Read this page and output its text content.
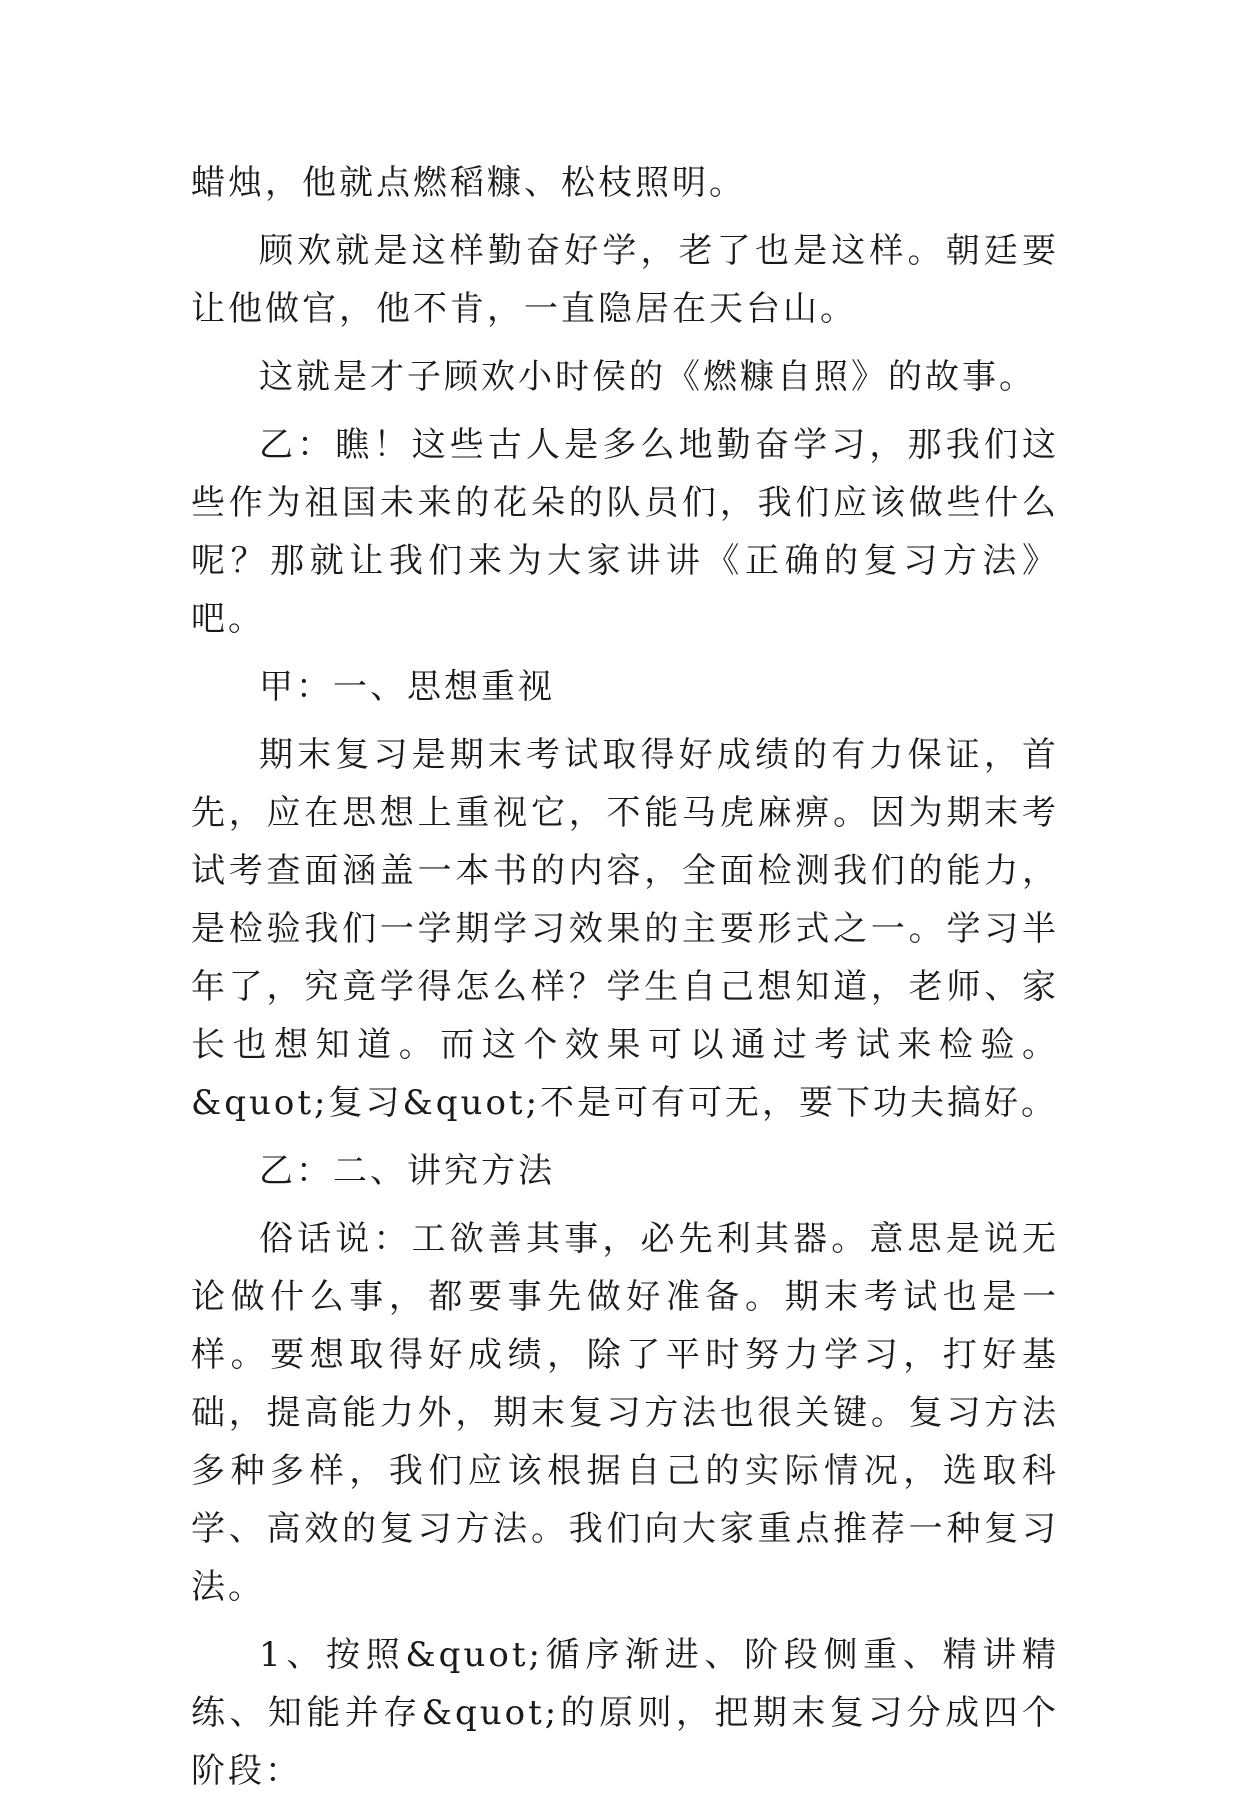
蜡烛，他就点燃稻糠、松枝照明。

顾欢就是这样勤奋好学，老了也是这样。朝廷要让他做官，他不肯，一直隐居在天台山。

这就是才子顾欢小时侯的《燃糠自照》的故事。

乙：瞧！这些古人是多么地勤奋学习，那我们这些作为祖国未来的花朵的队员们，我们应该做些什么呢？那就让我们来为大家讲讲《正确的复习方法》吧。

甲：一、思想重视

期末复习是期末考试取得好成绩的有力保证，首先，应在思想上重视它，不能马虎麻痹。因为期末考试考查面涵盖一本书的内容，全面检测我们的能力，是检验我们一学期学习效果的主要形式之一。学习半年了，究竟学得怎么样？学生自己想知道，老师、家长也想知道。而这个效果可以通过考试来检验。&quot;复习&quot;不是可有可无，要下功夫搞好。

乙：二、讲究方法

俗话说：工欲善其事，必先利其器。意思是说无论做什么事，都要事先做好准备。期末考试也是一样。要想取得好成绩，除了平时努力学习，打好基础，提高能力外，期末复习方法也很关键。复习方法多种多样，我们应该根据自己的实际情况，选取科学、高效的复习方法。我们向大家重点推荐一种复习法。

1、按照&quot;循序渐进、阶段侧重、精讲精练、知能并存&quot;的原则，把期末复习分成四个阶段：
